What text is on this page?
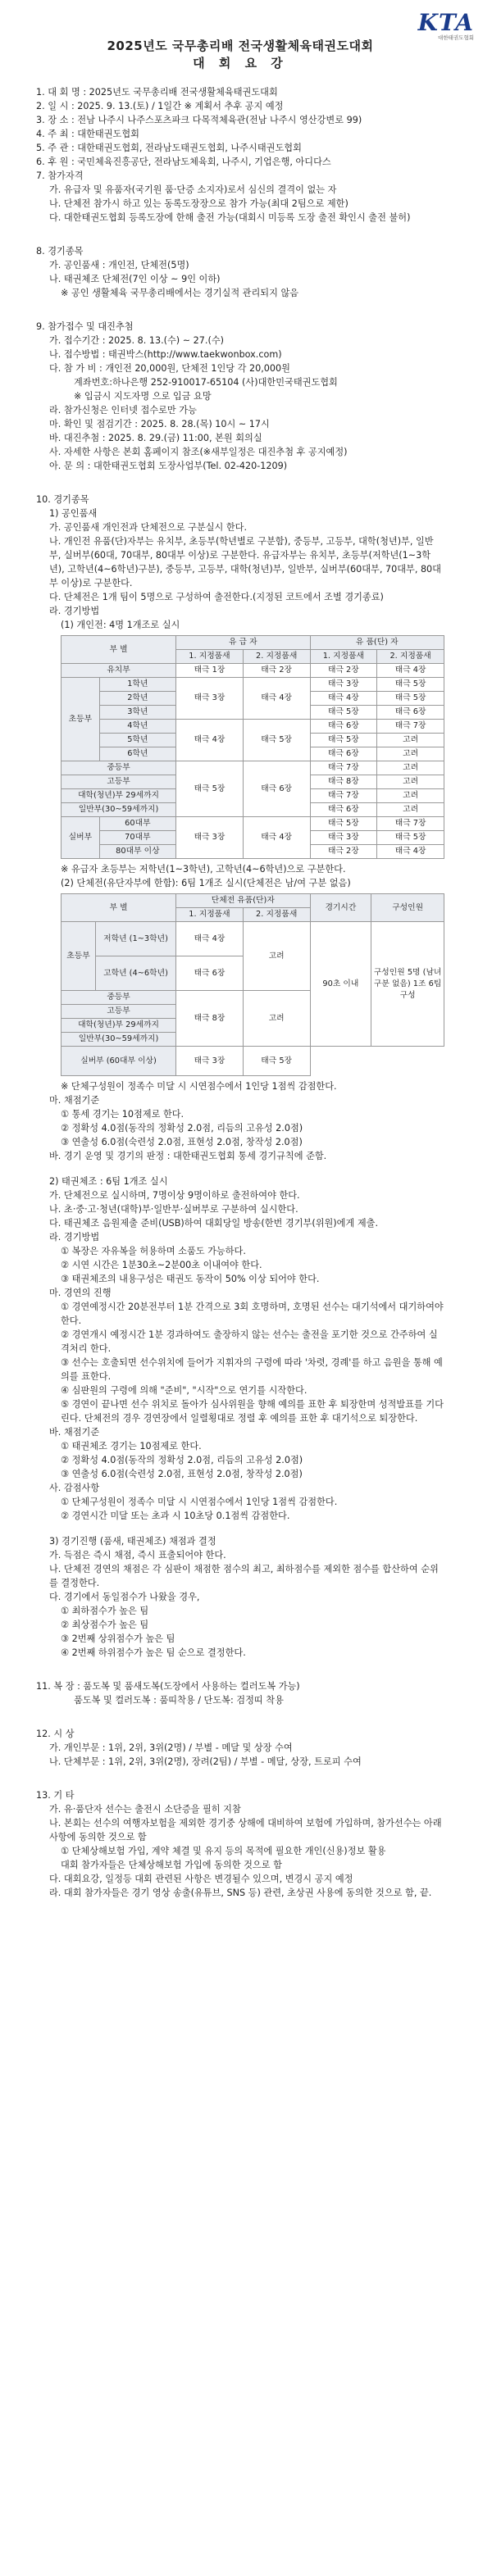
KTA
대한태권도협회
2025년도 국무총리배 전국생활체육태권도대회
대 회 요 강
1. 대 회 명 : 2025년도 국무총리배 전국생활체육태권도대회
2. 일 시 : 2025. 9. 13.(토) / 1일간 ※ 계획서 추후 공지 예정
3. 장 소 : 전남 나주시 나주스포츠파크 다목적체육관(전남 나주시 영산강변로 99)
4. 주 최 : 대한태권도협회
5. 주 관 : 대한태권도협회, 전라남도태권도협회, 나주시태권도협회
6. 후 원 : 국민체육진흥공단, 전라남도체육회, 나주시, 기업은행, 아디다스
7. 참가자격
가. 유급자 및 유품자(국기원 품·단증 소지자)로서 심신의 결격이 없는 자
나. 단체전 참가시 하고 있는 동록도장장으로 참가 가능(최대 2팀으로 제한)
다. 대한태권도협회 등록도장에 한해 출전 가능(대회시 미등록 도장 출전 확인시 출전 불허)
8. 경기종목
가. 공인품새 : 개인전, 단체전(5명)
나. 태권체조 단체전(7인 이상 ~ 9인 이하)
※ 공인 생활체육 국무총리배에서는 경기실적 관리되지 않음
9. 참가접수 및 대진추첨
가. 접수기간 : 2025. 8. 13.(수) ~ 27.(수)
나. 접수방법 : 태권박스(http://www.taekwonbox.com)
다. 참 가 비 : 개인전 20,000원, 단체전 1인당 각 20,000원
계좌번호:하나은행 252-910017-65104 (사)대한민국태권도협회
※ 입금시 지도자명 으로 입금 요망
라. 참가신청은 인터넷 접수로만 가능
마. 확인 및 점검기간 : 2025. 8. 28.(목) 10시 ~ 17시
바. 대진추첨 : 2025. 8. 29.(금) 11:00, 본원 회의실
사. 자세한 사항은 본회 홈페이지 참조(※새부일정은 대진추첨 후 공지예정)
아. 문 의 : 대한태권도협회 도장사업부(Tel. 02-420-1209)
10. 경기종목
1) 공인품새
가. 공인품새 개인전과 단체전으로 구분실시 한다.
나. 개인전 유품(단)자부는 유치부, 초등부(학년별로 구분함), 중등부, 고등부, 대학(청년)부, 일반부, 실버부(60대, 70대부, 80대부 이상)로 구분한다. 유급자부는 유치부, 초등부(저학년(1~3학년), 고학년(4~6학년)구분), 중등부, 고등부, 대학(청년)부, 일반부, 실버부(60대부, 70대부, 80대부 이상)로 구분한다.
다. 단체전은 1개 팀이 5명으로 구성하여 출전한다.(지정된 코트에서 조별 경기종료)
라. 경기방법
(1) 개인전: 4명 1개조로 실시
부 별		유 급 자		유 품(단) 자	
		1. 지정품새	2. 지정품새	1. 지정품새	2. 지정품새
유치부		태극 1장	태극 2장	태극 2장	태극 4장
초등부	1학년	태극 3장	태극 4장	태극 3장	태극 5장
	2학년			태극 4장	태극 5장
	3학년			태극 5장	태극 6장
	4학년	태극 4장	태극 5장	태극 6장	태극 7장
	5학년			태극 5장	고려
	6학년			태극 6장	고려
중등부		태극 5장	태극 6장	태극 7장	고려
고등부				태극 8장	고려
대학(청년)부 29세까지				태극 7장	고려
일반부(30~59세까지)				태극 6장	고려
실버부	60대부	태극 3장	태극 4장	태극 5장	태극 7장
	70대부			태극 3장	태극 5장
	80대부 이상			태극 2장	태극 4장
※ 유급자 초등부는 저학년(1~3학년), 고학년(4~6학년)으로 구분한다.
(2) 단체전(유단자부에 한함): 6팀 1개조 실시(단체전은 남/여 구분 없음)
부 별		단체전 유품(단)자		경기시간	구성인원
		1. 지정품새	2. 지정품새		
초등부	저학년 (1~3학년)	태극 4장	고려	90초 이내	구성인원 5명 (남녀 구분 없음) 1조 6팀 구성
	고학년 (4~6학년)	태극 6장			
중등부		태극 8장	고려		
고등부					
대학(청년)부 29세까지					
일반부(30~59세까지)					
실버부 (60대부 이상)		태극 3장	태극 5장		
※ 단체구성원이 정족수 미달 시 시연점수에서 1인당 1점씩 감점한다.
마. 채점기준
① 통세 경기는 10점제로 한다.
② 정확성 4.0점(동작의 정확성 2.0점, 리듬의 고유성 2.0점)
③ 연출성 6.0점(숙련성 2.0점, 표현성 2.0점, 창작성 2.0점)
바. 경기 운영 및 경기의 판정 : 대한태권도협회 통세 경기규칙에 준함.
2) 태권체조 : 6팀 1개조 실시
가. 단체전으로 실시하며, 7명이상 9명이하로 출전하여야 한다.
나. 초·중·고·청년(대학)부·일반부·실버부로 구분하여 실시한다.
다. 태권체조 음원제출 준비(USB)하여 대회당일 방송(한번 경기부(위원)에게 제출.
라. 경기방법
① 복장은 자유복을 허용하며 소품도 가능하다.
② 시연 시간은 1분30초~2분00초 이내여야 한다.
③ 태권체조의 내용구성은 태권도 동작이 50% 이상 되어야 한다.
마. 경연의 진행
① 경연예정시간 20분전부터 1분 간격으로 3회 호명하며, 호명된 선수는 대기석에서 대기하여야 한다.
② 경연개시 예정시간 1분 경과하여도 출장하지 않는 선수는 출전을 포기한 것으로 간주하여 실격처리 한다.
③ 선수는 호출되면 선수위치에 들어가 지휘자의 구령에 따라 '차렷, 경례'를 하고 음원을 통해 예의를 표한다.
④ 심판원의 구령에 의해 "준비", "시작"으로 연기를 시작한다.
⑤ 경연이 끝나면 선수 위치로 돌아가 심사위원을 향해 예의를 표한 후 퇴장한며 성적발표를 기다린다. 단체전의 경우 경연장에서 일렬횡대로 정렬 후 예의를 표한 후 대기석으로 퇴장한다.
바. 채점기준
① 태권체조 경기는 10점제로 한다.
② 정확성 4.0점(동작의 정확성 2.0점, 리듬의 고유성 2.0점)
③ 연출성 6.0점(숙련성 2.0점, 표현성 2.0점, 창작성 2.0점)
사. 감점사항
① 단체구성원이 정족수 미달 시 시연점수에서 1인당 1점씩 감점한다.
② 경연시간 미달 또는 초과 시 10초당 0.1점씩 감점한다.
3) 경기진행 (품새, 태권체조) 채점과 결정
가. 득점은 즉시 채점, 즉시 표출되어야 한다.
나. 단체전 경연의 채점은 각 심판이 채점한 점수의 최고, 최하점수를 제외한 점수를 합산하여 순위를 결정한다.
다. 경기에서 동일점수가 나왔을 경우,
① 최하점수가 높은 팀
② 최상점수가 높은 팀
③ 2번째 상위점수가 높은 팀
④ 2번째 하위점수가 높은 팀 순으로 결정한다.
11. 복 장 : 품도복 및 품새도복(도장에서 사용하는 컬러도복 가능)
품도복 및 컬러도복 : 품띠착용 / 단도복: 검정띠 착용
12. 시 상
가. 개인부문 : 1위, 2위, 3위(2명) / 부별 - 메달 및 상장 수여
나. 단체부문 : 1위, 2위, 3위(2명), 장려(2팀) / 부별 - 메달, 상장, 트로피 수여
13. 기 타
가. 유·품단자 선수는 출전시 소단증을 필히 지참
나. 본회는 선수의 여행자보험을 제외한 경기중 상해에 대비하여 보험에 가입하며, 참가선수는 아래 사항에 동의한 것으로 함
① 단체상해보험 가입, 계약 체결 및 유지 등의 목적에 필요한 개인(신용)정보 활용
대회 참가자들은 단체상해보험 가입에 동의한 것으로 함
다. 대회요강, 일정등 대회 관련된 사항은 변경될수 있으며, 변경시 공지 예정
라. 대회 참가자들은 경기 영상 송출(유튜브, SNS 등) 관련, 초상권 사용에 동의한 것으로 함, 끝.
